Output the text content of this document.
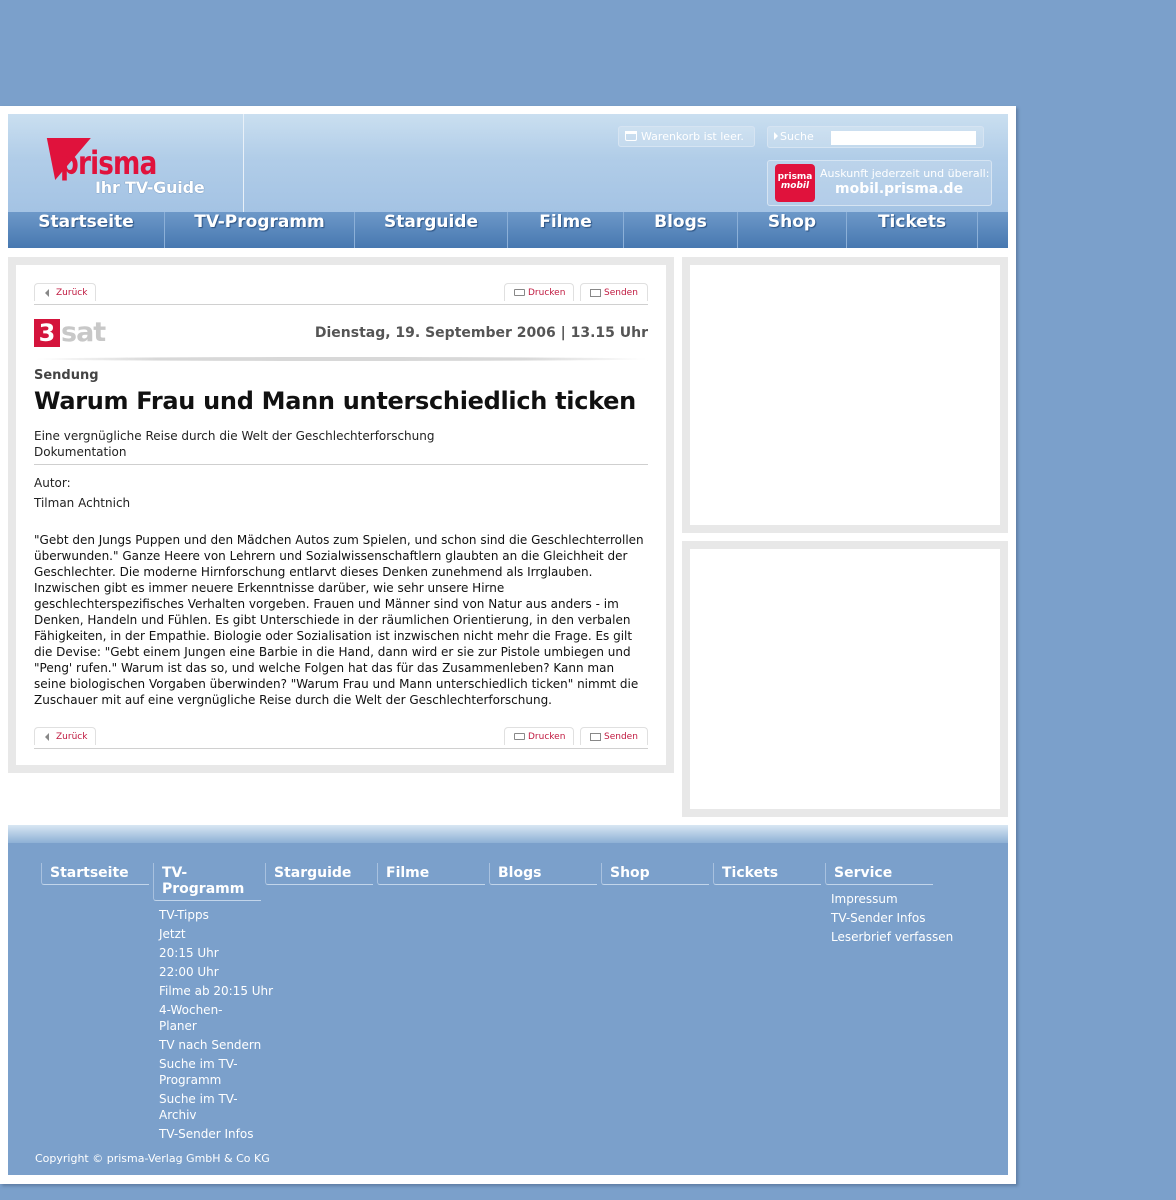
prisma
Ihr TV-Guide
Warenkorb ist leer.	Suche
prisma
mobil
Auskunft jederzeit und überall:
mobil.prisma.de
Startseite	TV-Programm	Starguide	Filme	Blogs	Shop	Tickets
Zurück	Drucken	Senden
3 sat	Dienstag, 19. September 2006 | 13.15 Uhr
Sendung
Warum Frau und Mann unterschiedlich ticken
Eine vergnügliche Reise durch die Welt der Geschlechterforschung
Dokumentation
Autor:
Tilman Achtnich

"Gebt den Jungs Puppen und den Mädchen Autos zum Spielen, und schon sind die Geschlechterrollen überwunden." Ganze Heere von Lehrern und Sozialwissenschaftlern glaubten an die Gleichheit der Geschlechter. Die moderne Hirnforschung entlarvt dieses Denken zunehmend als Irrglauben. Inzwischen gibt es immer neuere Erkenntnisse darüber, wie sehr unsere Hirne geschlechterspezifisches Verhalten vorgeben. Frauen und Männer sind von Natur aus anders - im Denken, Handeln und Fühlen. Es gibt Unterschiede in der räumlichen Orientierung, in den verbalen Fähigkeiten, in der Empathie. Biologie oder Sozialisation ist inzwischen nicht mehr die Frage. Es gilt die Devise: "Gebt einem Jungen eine Barbie in die Hand, dann wird er sie zur Pistole umbiegen und "Peng' rufen." Warum ist das so, und welche Folgen hat das für das Zusammenleben? Kann man seine biologischen Vorgaben überwinden? "Warum Frau und Mann unterschiedlich ticken" nimmt die Zuschauer mit auf eine vergnügliche Reise durch die Welt der Geschlechterforschung.

Zurück	Drucken	Senden
Startseite	TV-Programm
TV-Tipps
Jetzt
20:15 Uhr
22:00 Uhr
Filme ab 20:15 Uhr
4-Wochen-Planer
TV nach Sendern
Suche im TV-Programm
Suche im TV-Archiv
TV-Sender Infos
Starguide	Filme	Blogs	Shop	Tickets	Service
Impressum
TV-Sender Infos
Leserbrief verfassen
Copyright © prisma-Verlag GmbH & Co KG
